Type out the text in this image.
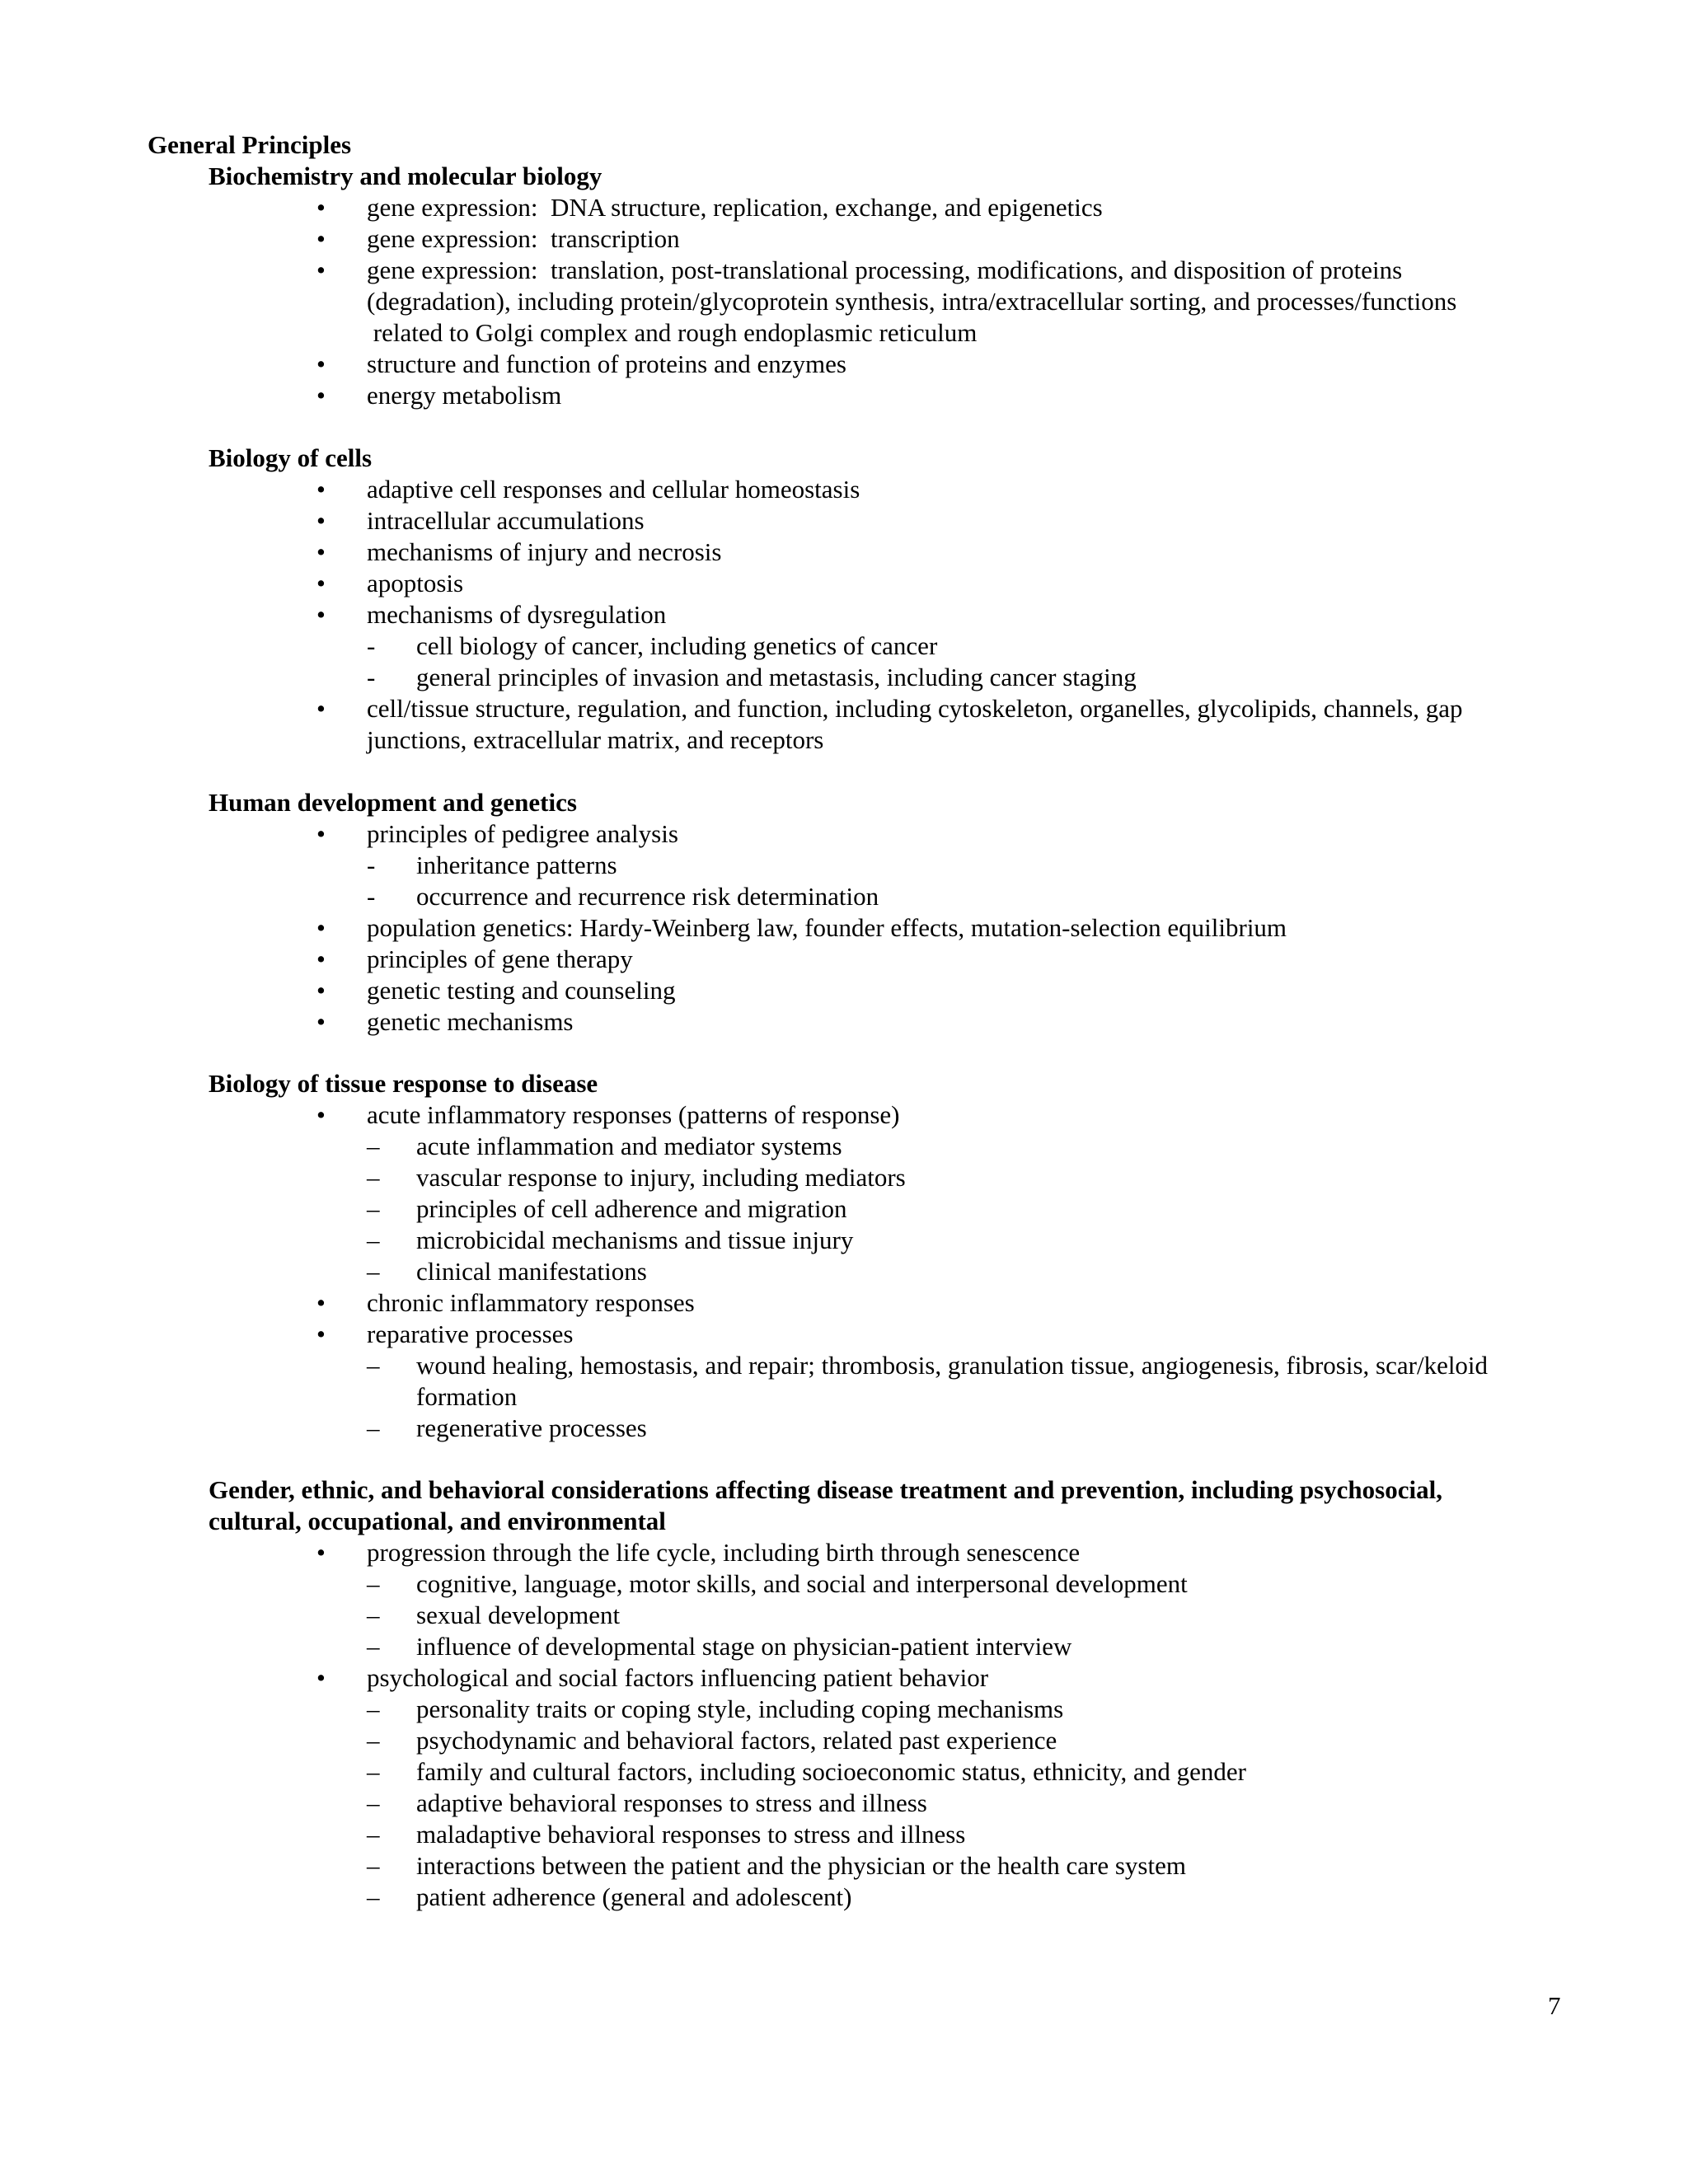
General Principles
Biochemistry and molecular biology
• gene expression:  DNA structure, replication, exchange, and epigenetics
• gene expression:  transcription
• gene expression:  translation, post-translational processing, modifications, and disposition of proteins
(degradation), including protein/glycoprotein synthesis, intra/extracellular sorting, and processes/functions
related to Golgi complex and rough endoplasmic reticulum
• structure and function of proteins and enzymes
• energy metabolism
Biology of cells
• adaptive cell responses and cellular homeostasis
• intracellular accumulations
• mechanisms of injury and necrosis
• apoptosis
• mechanisms of dysregulation
- cell biology of cancer, including genetics of cancer
- general principles of invasion and metastasis, including cancer staging
• cell/tissue structure, regulation, and function, including cytoskeleton, organelles, glycolipids, channels, gap
junctions, extracellular matrix, and receptors
Human development and genetics
• principles of pedigree analysis
- inheritance patterns
- occurrence and recurrence risk determination
• population genetics: Hardy-Weinberg law, founder effects, mutation-selection equilibrium
• principles of gene therapy
• genetic testing and counseling
• genetic mechanisms
Biology of tissue response to disease
• acute inflammatory responses (patterns of response)
– acute inflammation and mediator systems
– vascular response to injury, including mediators
– principles of cell adherence and migration
– microbicidal mechanisms and tissue injury
– clinical manifestations
• chronic inflammatory responses
• reparative processes
– wound healing, hemostasis, and repair; thrombosis, granulation tissue, angiogenesis, fibrosis, scar/keloid
formation
– regenerative processes
Gender, ethnic, and behavioral considerations affecting disease treatment and prevention, including psychosocial,
cultural, occupational, and environmental
• progression through the life cycle, including birth through senescence
– cognitive, language, motor skills, and social and interpersonal development
– sexual development
– influence of developmental stage on physician-patient interview
• psychological and social factors influencing patient behavior
– personality traits or coping style, including coping mechanisms
– psychodynamic and behavioral factors, related past experience
– family and cultural factors, including socioeconomic status, ethnicity, and gender
– adaptive behavioral responses to stress and illness
– maladaptive behavioral responses to stress and illness
– interactions between the patient and the physician or the health care system
– patient adherence (general and adolescent)
7
